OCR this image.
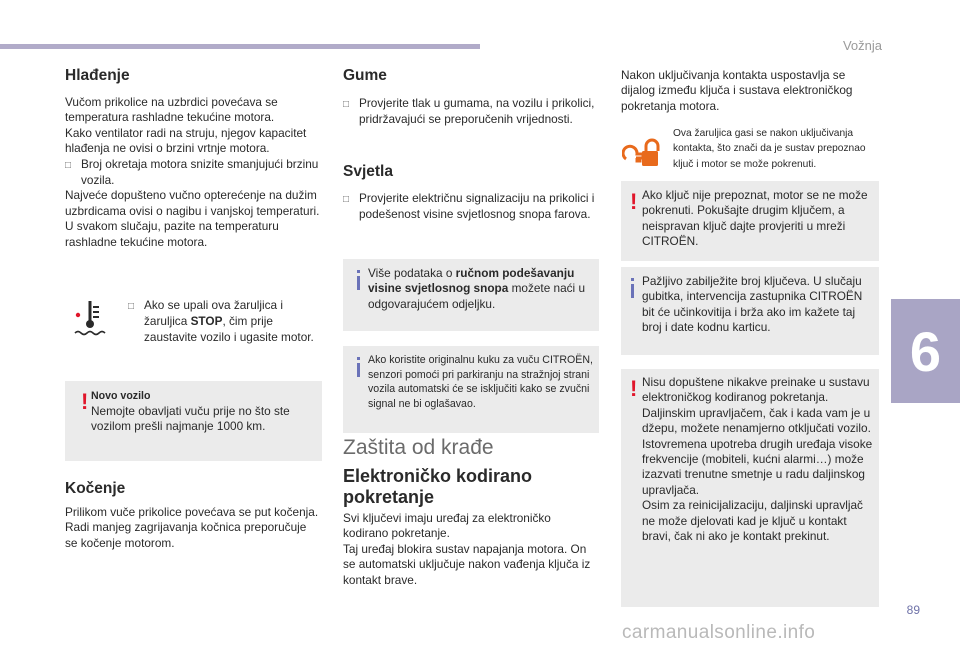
Vožnja
6
89
Hlađenje

Vučom prikolice na uzbrdici povećava se temperatura rashladne tekućine motora.

Kako ventilator radi na struju, njegov kapacitet hlađenja ne ovisi o brzini vrtnje motora.

□ Broj okretaja motora snizite smanjujući brzinu vozila.

Najveće dopušteno vučno opterećenje na dužim uzbrdicama ovisi o nagibu i vanjskoj temperaturi.

U svakom slučaju, pazite na temperaturu rashladne tekućine motora.

□ Ako se upali ova žaruljica i žaruljica STOP, čim prije zaustavite vozilo i ugasite motor.

! Novo vozilo

Nemojte obavljati vuču prije no što ste vozilom prešli najmanje 1000 km.

Kočenje

Prilikom vuče prikolice povećava se put kočenja.

Radi manjeg zagrijavanja kočnica preporučuje se kočenje motorom.

Gume

□ Provjerite tlak u gumama, na vozilu i prikolici, pridržavajući se preporučenih vrijednosti.

Svjetla

□ Provjerite električnu signalizaciju na prikolici i podešenost visine svjetlosnog snopa farova.

Više podataka o ručnom podešavanju visine svjetlosnog snopa možete naći u odgovarajućem odjeljku.

Ako koristite originalnu kuku za vuču CITROËN, senzori pomoći pri parkiranju na stražnjoj strani vozila automatski će se isključiti kako se zvučni signal ne bi oglašavao.

Zaštita od krađe
Elektroničko kodirano pokretanje

Svi ključevi imaju uređaj za elektroničko kodirano pokretanje.

Taj uređaj blokira sustav napajanja motora. On se automatski uključuje nakon vađenja ključa iz kontakt brave.

Nakon uključivanja kontakta uspostavlja se dijalog između ključa i sustava elektroničkog pokretanja motora.
Ova žaruljica gasi se nakon uključivanja kontakta, što znači da je sustav prepoznao ključ i motor se može pokrenuti.
! Ako ključ nije prepoznat, motor se ne može pokrenuti. Pokušajte drugim ključem, a neispravan ključ dajte provjeriti u mreži CITROËN.

Pažljivo zabilježite broj ključeva. U slučaju gubitka, intervencija zastupnika CITROËN bit će učinkovitija i brža ako im kažete taj broj i date kodnu karticu.

! Nisu dopuštene nikakve preinake u sustavu elektroničkog kodiranog pokretanja.

Daljinskim upravljačem, čak i kada vam je u džepu, možete nenamjerno otključati vozilo.

Istovremena upotreba drugih uređaja visoke frekvencije (mobiteli, kućni alarmi…) može izazvati trenutne smetnje u radu daljinskog upravljača.

Osim za reinicijalizaciju, daljinski upravljač ne može djelovati kad je ključ u kontakt bravi, čak ni ako je kontakt prekinut.

carmanualsonline.info
